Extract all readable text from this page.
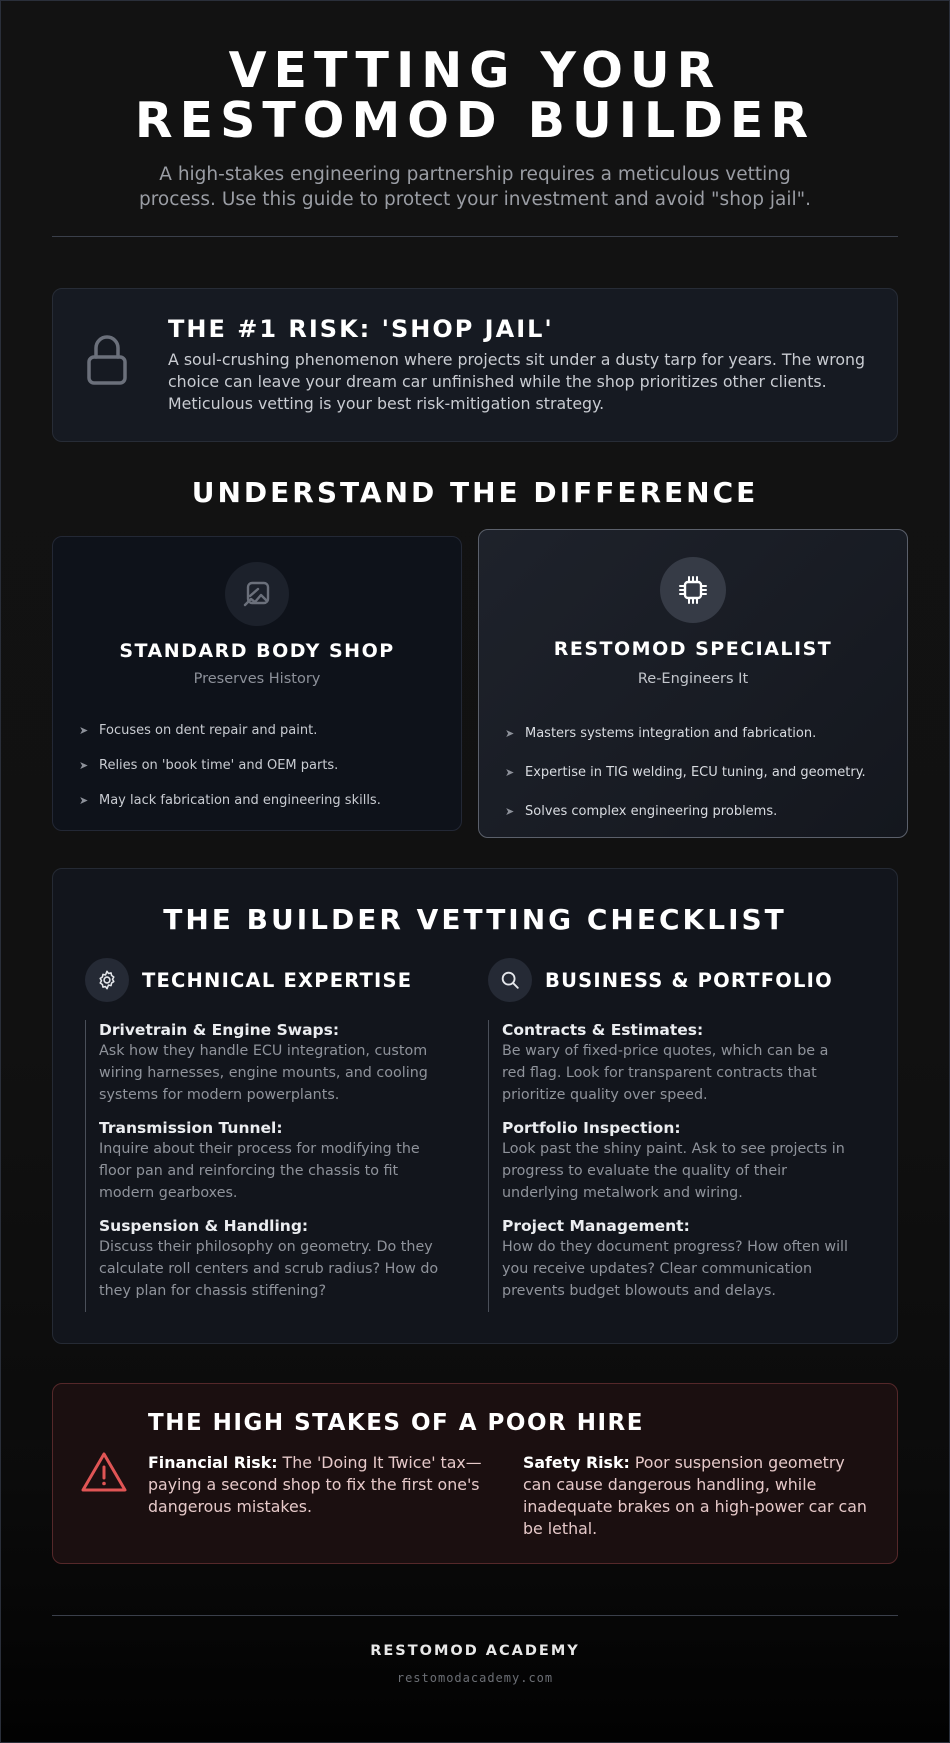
VETTING YOUR RESTOMOD BUILDER

A high-stakes engineering partnership requires a meticulous vetting process. Use this guide to protect your investment and avoid "shop jail".

THE #1 RISK: 'SHOP JAIL'

A soul-crushing phenomenon where projects sit under a dusty tarp for years. The wrong choice can leave your dream car unfinished while the shop prioritizes other clients. Meticulous vetting is your best risk-mitigation strategy.

UNDERSTAND THE DIFFERENCE
STANDARD BODY SHOP

Preserves History

➤ Focuses on dent repair and paint.
➤ Relies on 'book time' and OEM parts.
➤ May lack fabrication and engineering skills.
RESTOMOD SPECIALIST

Re-Engineers It

➤ Masters systems integration and fabrication.
➤ Expertise in TIG welding, ECU tuning, and geometry.
➤ Solves complex engineering problems.
THE BUILDER VETTING CHECKLIST
TECHNICAL EXPERTISE
Drivetrain & Engine Swaps:
Ask how they handle ECU integration, custom wiring harnesses, engine mounts, and cooling systems for modern powerplants.
Transmission Tunnel:
Inquire about their process for modifying the floor pan and reinforcing the chassis to fit modern gearboxes.
Suspension & Handling:
Discuss their philosophy on geometry. Do they calculate roll centers and scrub radius? How do they plan for chassis stiffening?
BUSINESS & PORTFOLIO
Contracts & Estimates:
Be wary of fixed-price quotes, which can be a red flag. Look for transparent contracts that prioritize quality over speed.
Portfolio Inspection:
Look past the shiny paint. Ask to see projects in progress to evaluate the quality of their underlying metalwork and wiring.
Project Management:
How do they document progress? How often will you receive updates? Clear communication prevents budget blowouts and delays.
THE HIGH STAKES OF A POOR HIRE

Financial Risk: The 'Doing It Twice' tax—paying a second shop to fix the first one's dangerous mistakes.

Safety Risk: Poor suspension geometry can cause dangerous handling, while inadequate brakes on a high-power car can be lethal.

RESTOMOD ACADEMY
restomodacademy.com
